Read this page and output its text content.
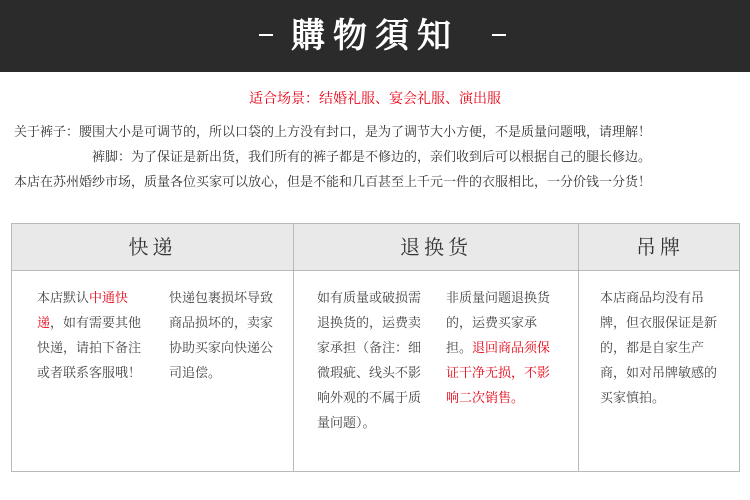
購物須知
适合场景：结婚礼服、宴会礼服、演出服
关于裤子：腰围大小是可调节的，所以口袋的上方没有封口，是为了调节大小方便，不是质量问题哦，请理解！
裤脚：为了保证是新出货，我们所有的裤子都是不修边的，亲们收到后可以根据自己的腿长修边。
本店在苏州婚纱市场，质量各位买家可以放心，但是不能和几百甚至上千元一件的衣服相比，一分价钱一分货！
快递	退换货	吊牌
本店默认中通快递，如有需要其他快递，请拍下备注或者联系客服哦！
快递包裹损坏导致商品损坏的，卖家协助买家向快递公司追偿。
如有质量或破损需退换货的，运费卖家承担（备注：细微瑕疵、线头不影响外观的不属于质量问题）。
非质量问题退换货的，运费买家承担。退回商品须保证干净无损，不影响二次销售。
本店商品均没有吊牌，但衣服保证是新的，都是自家生产商，如对吊牌敏感的买家慎拍。
